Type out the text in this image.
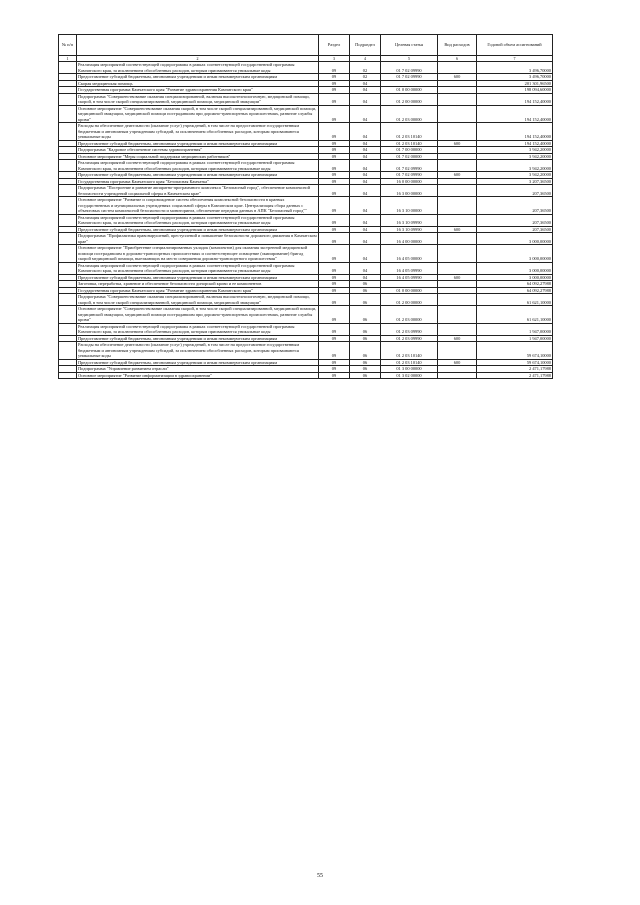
№ п/п		Раздел	Подраздел	Целевая статья	Вид расходов	Годовой объем ассигнований
1	2	3	4	5	6	7
	Реализация мероприятий соответствующей подпрограммы в рамках соответствующей государственной программы Камчатского края, за исключением обособленных расходов, которым присваиваются уникальные коды	09	02	01 7 02 09990		3 496,70000
	Предоставление субсидий бюджетным, автономным учреждениям и иным некоммерческим организациям	09	02	01 7 02 09990	600	3 496,70000
	Скорая медицинская помощь	09	04			201 301,96500
	Государственная программа Камчатского края "Развитие здравоохранения Камчатского края"	09	04	01 0 00 00000		198 094,60000
	Подпрограмма "Совершенствование оказания специализированной, включая высокотехнологичную, медицинской помощи, скорой, в том числе скорой специализированной, медицинской помощи, медицинской эвакуации"	09	04	01 2 00 00000		194 152,40000
	Основное мероприятие "Совершенствование оказания скорой, в том числе скорой специализированной, медицинской помощи, медицинской эвакуации, медицинской помощи пострадавшим при дорожно-транспортных происшествиях, развитие службы крови"	09	04	01 2 03 00000		194 152,40000
	Расходы на обеспечение деятельности (оказание услуг) учреждений, в том числе на предоставление государственным бюджетным и автономным учреждениям субсидий, за исключением обособленных расходов, которым присваиваются уникальные коды	09	04	01 2 03 10140		194 152,40000
	Предоставление субсидий бюджетным, автономным учреждениям и иным некоммерческим организациям	09	04	01 2 03 10140	600	194 152,40000
	Подпрограмма "Кадровое обеспечение системы здравоохранения"	09	04	01 7 00 00000		3 942,20000
	Основное мероприятие "Меры социальной поддержки медицинских работников"	09	04	01 7 02 00000		3 942,20000
	Реализация мероприятий соответствующей подпрограммы в рамках соответствующей государственной программы Камчатского края, за исключением обособленных расходов, которым присваиваются уникальные коды	09	04	01 7 02 09990		3 942,20000
	Предоставление субсидий бюджетным, автономным учреждениям и иным некоммерческим организациям	09	04	01 7 02 09990	600	3 942,20000
	Государственная программа Камчатского края "Безопасная Камчатка"	09	04	16 0 00 00000		3 207,36500
	Подпрограмма "Построение и развитие аппаратно-программного комплекса "Безопасный город", обеспечение комплексной безопасности учреждений социальной сферы в Камчатском крае"	09	04	16 3 00 00000		207,36500
	Основное мероприятие "Развитие и сопровождение систем обеспечения комплексной безопасности в краевых государственных и муниципальных учреждениях социальной сферы в Камчатском крае. Централизация сбора данных с объектовых систем комплексной безопасности и мониторинга, обеспечение передачи данных в АПК "Безопасный город""	09	04	16 3 10 00000		207,36500
	Реализация мероприятий соответствующей подпрограммы в рамках соответствующей государственной программы Камчатского края, за исключением обособленных расходов, которым присваиваются уникальные коды	09	04	16 3 10 09990		207,36500
	Предоставление субсидий бюджетным, автономным учреждениям и иным некоммерческим организациям	09	04	16 3 10 09990	600	207,36500
	Подпрограмма "Профилактика правонарушений, преступлений и повышение безопасности дорожного движения в Камчатском крае"	09	04	16 4 00 00000		3 000,00000
	Основное мероприятие "Приобретение специализированных укладок (комплектов) для оказания экстренной медицинской помощи пострадавшим в дорожно-транспортных происшествиях и соответствующее оснащение (экипирование) бригад скорой медицинской помощи, выезжающих на место совершения дорожно-транспортного происшествия"	09	04	16 4 05 00000		3 000,00000
	Реализация мероприятий соответствующей подпрограммы в рамках соответствующей государственной программы Камчатского края, за исключением обособленных расходов, которым присваиваются уникальные коды	09	04	16 4 05 09990		3 000,00000
	Предоставление субсидий бюджетным, автономным учреждениям и иным некоммерческим организациям	09	04	16 4 05 09990	600	3 000,00000
	Заготовка, переработка, хранение и обеспечение безопасности донорской крови и ее компонентов	09	06			64 092,27988
	Государственная программа Камчатского края "Развитие здравоохранения Камчатского края"	09	06	01 0 00 00000		64 092,27988
	Подпрограмма "Совершенствование оказания специализированной, включая высокотехнологичную, медицинской помощи, скорой, в том числе скорой специализированной, медицинской помощи, медицинской эвакуации"	09	06	01 2 00 00000		61 621,10000
	Основное мероприятие "Совершенствование оказания скорой, в том числе скорой специализированной, медицинской помощи, медицинской эвакуации, медицинской помощи пострадавшим при дорожно-транспортных происшествиях, развитие службы крови"	09	06	01 2 03 00000		61 621,10000
	Реализация мероприятий соответствующей подпрограммы в рамках соответствующей государственной программы Камчатского края, за исключением обособленных расходов, которым присваиваются уникальные коды	09	06	01 2 03 09990		1 947,00000
	Предоставление субсидий бюджетным, автономным учреждениям и иным некоммерческим организациям	09	06	01 2 03 09990	600	1 947,00000
	Расходы на обеспечение деятельности (оказание услуг) учреждений, в том числе на предоставление государственным бюджетным и автономным учреждениям субсидий, за исключением обособленных расходов, которым присваиваются уникальные коды	09	06	01 2 03 10140		59 674,10000
	Предоставление субсидий бюджетным, автономным учреждениям и иным некоммерческим организациям	09	06	01 2 03 10140	600	59 674,10000
	Подпрограмма "Управление развитием отрасли"	09	06	01 3 00 00000		2 471,17988
	Основное мероприятие "Развитие информатизации в здравоохранении"	09	06	01 3 02 00000		2 471,17988
55
